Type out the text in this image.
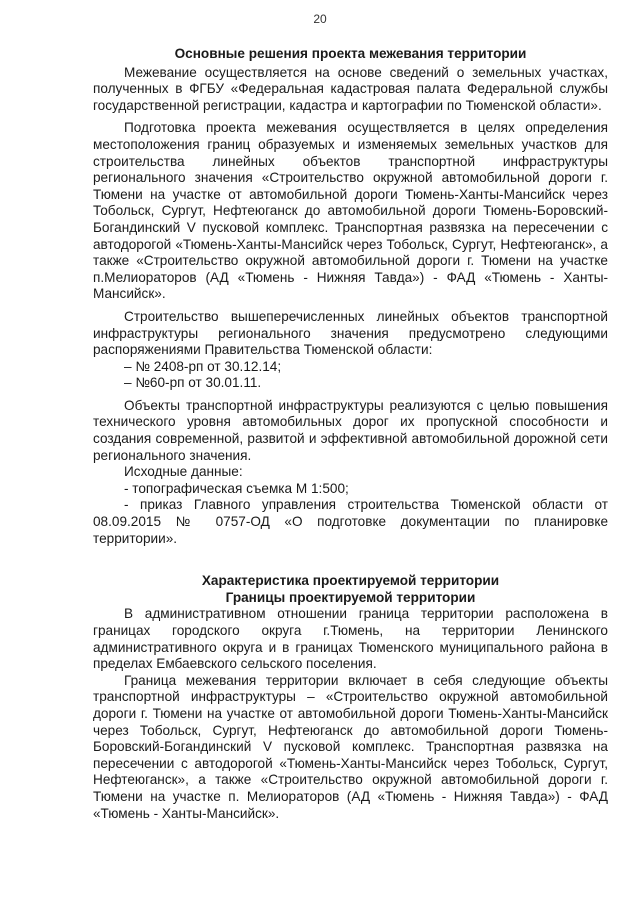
20
Основные решения проекта межевания территории

Межевание осуществляется на основе сведений о земельных участках, полученных в ФГБУ «Федеральная кадастровая палата Федеральной службы государственной регистрации, кадастра и картографии по Тюменской области».

Подготовка проекта межевания осуществляется в целях определения местоположения границ образуемых и изменяемых земельных участков для строительства линейных объектов транспортной инфраструктуры регионального значения «Строительство окружной автомобильной дороги г. Тюмени на участке от автомобильной дороги Тюмень-Ханты-Мансийск через Тобольск, Сургут, Нефтеюганск до автомобильной дороги Тюмень-Боровский-Богандинский V пусковой комплекс. Транспортная развязка на пересечении с автодорогой «Тюмень-Ханты-Мансийск через Тобольск, Сургут, Нефтеюганск», а также «Строительство окружной автомобильной дороги г. Тюмени на участке п.Мелиораторов (АД «Тюмень - Нижняя Тавда») - ФАД «Тюмень - Ханты-Мансийск».

Строительство вышеперечисленных линейных объектов транспортной инфраструктуры регионального значения предусмотрено следующими распоряжениями Правительства Тюменской области:

– № 2408-рп от 30.12.14;

– №60-рп от 30.01.11.

Объекты транспортной инфраструктуры реализуются с целью повышения технического уровня автомобильных дорог их пропускной способности и создания современной, развитой и эффективной автомобильной дорожной сети регионального значения.

Исходные данные:

- топографическая съемка М 1:500;

- приказ Главного управления строительства Тюменской области от 08.09.2015 № 0757-ОД «О подготовке документации по планировке территории».

Характеристика проектируемой территории
Границы проектируемой территории

В административном отношении граница территории расположена в границах городского округа г.Тюмень, на территории Ленинского административного округа и в границах Тюменского муниципального района в пределах Ембаевского сельского поселения.

Граница межевания территории включает в себя следующие объекты транспортной инфраструктуры – «Строительство окружной автомобильной дороги г. Тюмени на участке от автомобильной дороги Тюмень-Ханты-Мансийск через Тобольск, Сургут, Нефтеюганск до автомобильной дороги Тюмень-Боровский-Богандинский V пусковой комплекс. Транспортная развязка на пересечении с автодорогой «Тюмень-Ханты-Мансийск через Тобольск, Сургут, Нефтеюганск», а также «Строительство окружной автомобильной дороги г. Тюмени на участке п. Мелиораторов (АД «Тюмень - Нижняя Тавда») - ФАД «Тюмень - Ханты-Мансийск».
